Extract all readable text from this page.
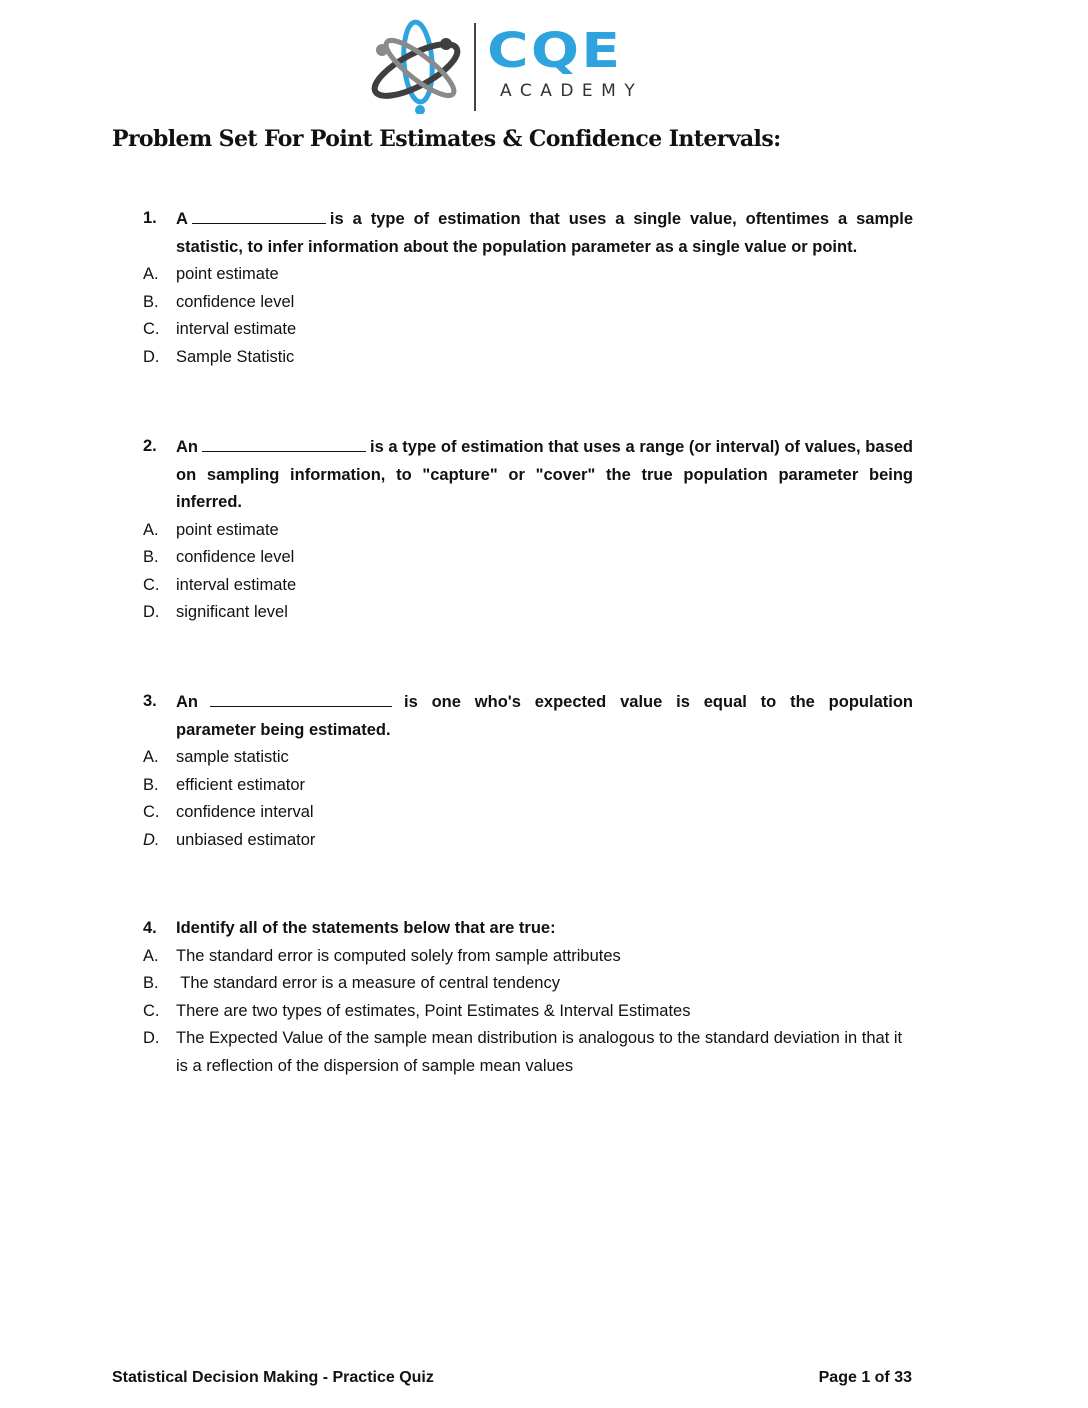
CQE
ACADEMY
Problem Set For Point Estimates & Confidence Intervals:
1. A	is a type of estimation that uses a single value, oftentimes a sample statistic, to infer information about the population parameter as a single value or point.
A. point estimate
B. confidence level
C. interval estimate
D. Sample Statistic
2. An	is a type of estimation that uses a range (or interval) of values, based on sampling information, to "capture" or "cover" the true population parameter being inferred.
A. point estimate
B. confidence level
C. interval estimate
D. significant level
3. An	is one who's expected value is equal to the population parameter being estimated.
A. sample statistic
B. efficient estimator
C. confidence interval
D. unbiased estimator
4. Identify all of the statements below that are true:
A. The standard error is computed solely from sample attributes
B. The standard error is a measure of central tendency
C. There are two types of estimates, Point Estimates & Interval Estimates
D. The Expected Value of the sample mean distribution is analogous to the standard deviation in that it is a reflection of the dispersion of sample mean values
Statistical Decision Making - Practice Quiz	Page 1 of 33
